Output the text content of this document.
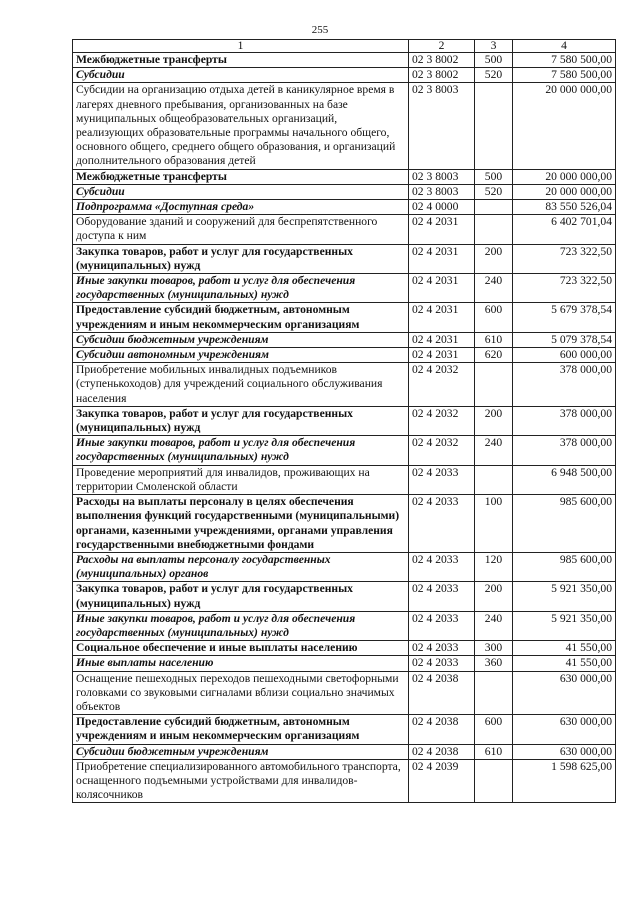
255
1	2	3	4
Межбюджетные трансферты	02 3 8002	500	7 580 500,00
Субсидии	02 3 8002	520	7 580 500,00
Субсидии на организацию отдыха детей в каникулярное время в лагерях дневного пребывания, организованных на базе муниципальных общеобразовательных организаций, реализующих образовательные программы начального общего, основного общего, среднего общего образования, и организаций дополнительного образования детей	02 3 8003		20 000 000,00
Межбюджетные трансферты	02 3 8003	500	20 000 000,00
Субсидии	02 3 8003	520	20 000 000,00
Подпрограмма «Доступная среда»	02 4 0000		83 550 526,04
Оборудование зданий и сооружений для беспрепятственного доступа к ним	02 4 2031		6 402 701,04
Закупка товаров, работ и услуг для государственных (муниципальных) нужд	02 4 2031	200	723 322,50
Иные закупки товаров, работ и услуг для обеспечения государственных (муниципальных) нужд	02 4 2031	240	723 322,50
Предоставление субсидий бюджетным, автономным учреждениям и иным некоммерческим организациям	02 4 2031	600	5 679 378,54
Субсидии бюджетным учреждениям	02 4 2031	610	5 079 378,54
Субсидии автономным учреждениям	02 4 2031	620	600 000,00
Приобретение мобильных инвалидных подъемников (ступенькоходов) для учреждений социального обслуживания населения	02 4 2032		378 000,00
Закупка товаров, работ и услуг для государственных (муниципальных) нужд	02 4 2032	200	378 000,00
Иные закупки товаров, работ и услуг для обеспечения государственных (муниципальных) нужд	02 4 2032	240	378 000,00
Проведение мероприятий для инвалидов, проживающих на территории Смоленской области	02 4 2033		6 948 500,00
Расходы на выплаты персоналу в целях обеспечения выполнения функций государственными (муниципальными) органами, казенными учреждениями, органами управления государственными внебюджетными фондами	02 4 2033	100	985 600,00
Расходы на выплаты персоналу государственных (муниципальных) органов	02 4 2033	120	985 600,00
Закупка товаров, работ и услуг для государственных (муниципальных) нужд	02 4 2033	200	5 921 350,00
Иные закупки товаров, работ и услуг для обеспечения государственных (муниципальных) нужд	02 4 2033	240	5 921 350,00
Социальное обеспечение и иные выплаты населению	02 4 2033	300	41 550,00
Иные выплаты населению	02 4 2033	360	41 550,00
Оснащение пешеходных переходов пешеходными светофорными головками со звуковыми сигналами вблизи социально значимых объектов	02 4 2038		630 000,00
Предоставление субсидий бюджетным, автономным учреждениям и иным некоммерческим организациям	02 4 2038	600	630 000,00
Субсидии бюджетным учреждениям	02 4 2038	610	630 000,00
Приобретение специализированного автомобильного транспорта, оснащенного подъемными устройствами для инвалидов-колясочников	02 4 2039		1 598 625,00
